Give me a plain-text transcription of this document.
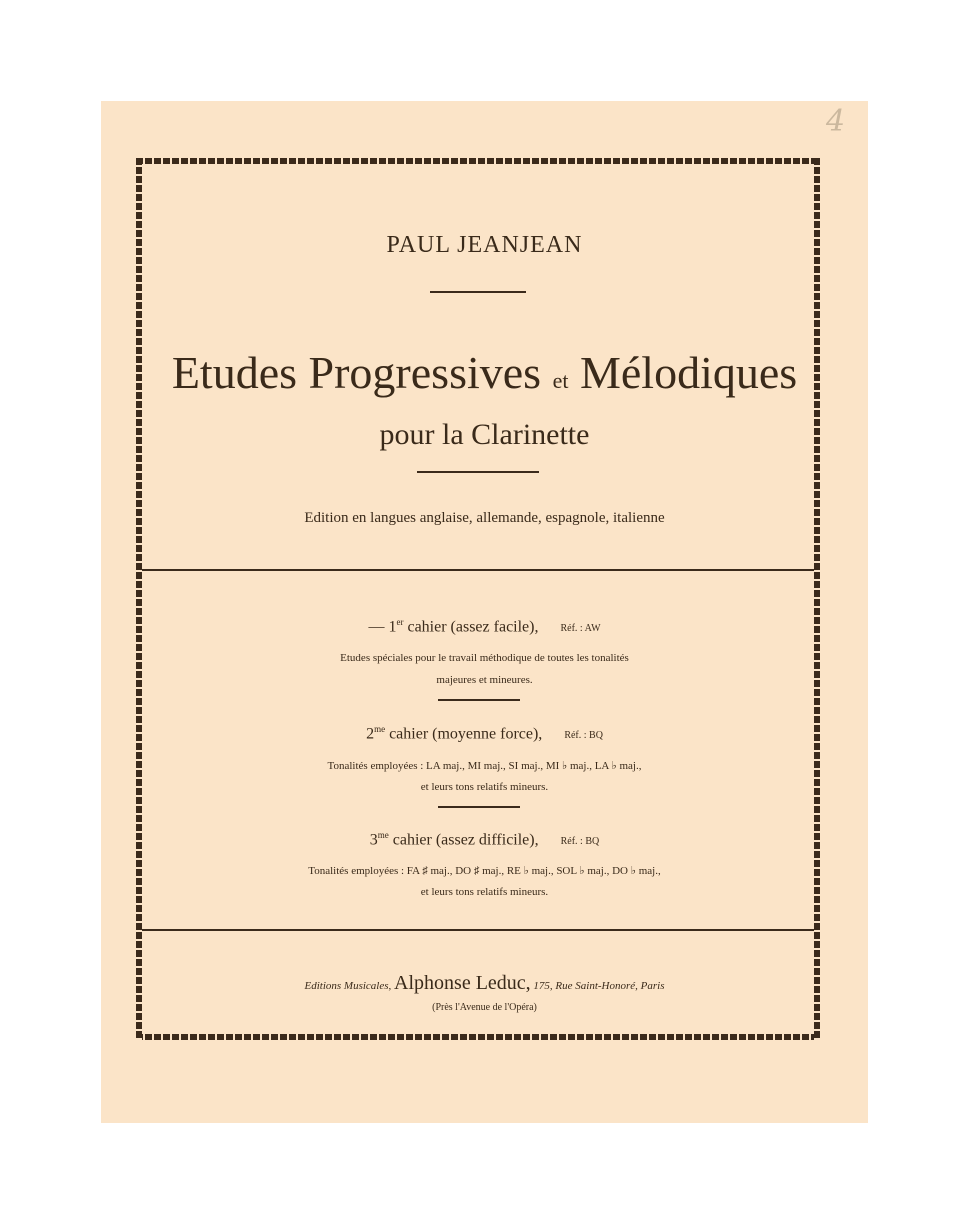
4
PAUL JEANJEAN
Etudes Progressives et Mélodiques
pour la Clarinette
Edition en langues anglaise, allemande, espagnole, italienne
— 1er cahier (assez facile), Réf. : AW
Etudes spéciales pour le travail méthodique de toutes les tonalités
majeures et mineures.
$2^{me}$ cahier (moyenne force), Réf. : BQ
Tonalités employées : LA maj., MI maj., SI maj., MI ♭ maj., LA ♭ maj.,
et leurs tons relatifs mineurs.
$3^{me}$ cahier (assez difficile), Réf. : BQ
Tonalités employées : FA ♯ maj., DO ♯ maj., RE ♭ maj., SOL ♭ maj., DO ♭ maj.,
et leurs tons relatifs mineurs.
Editions Musicales, Alphonse Leduc, 175, Rue Saint-Honoré, Paris
(Près l'Avenue de l'Opéra)
